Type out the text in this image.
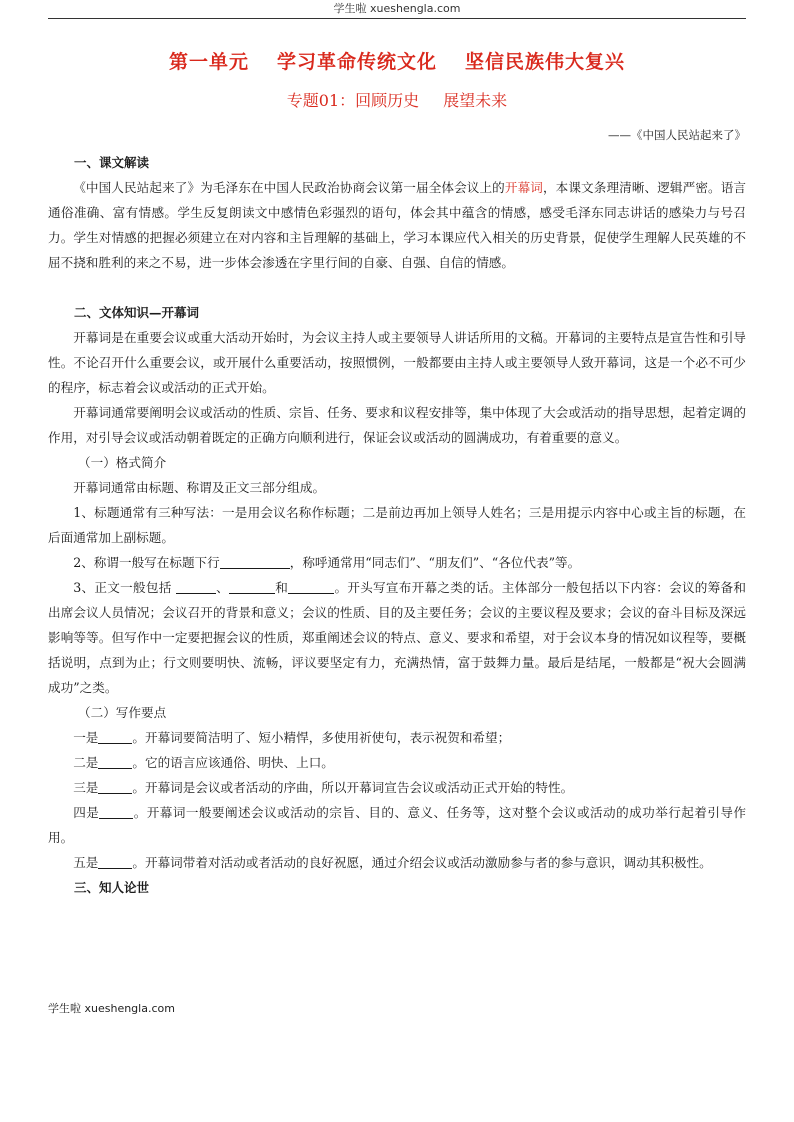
学生啦 xueshengla.com
第一单元 学习革命传统文化 坚信民族伟大复兴
专题01：回顾历史 展望未来
——《中国人民站起来了》

一、课文解读

《中国人民站起来了》为毛泽东在中国人民政治协商会议第一届全体会议上的开幕词，本课文条理清晰、逻辑严密。语言通俗准确、富有情感。学生反复朗读文中感情色彩强烈的语句，体会其中蕴含的情感，感受毛泽东同志讲话的感染力与号召力。学生对情感的把握必须建立在对内容和主旨理解的基础上，学习本课应代入相关的历史背景，促使学生理解人民英雄的不屈不挠和胜利的来之不易，进一步体会渗透在字里行间的自豪、自强、自信的情感。

二、文体知识—开幕词

开幕词是在重要会议或重大活动开始时，为会议主持人或主要领导人讲话所用的文稿。开幕词的主要特点是宣告性和引导性。不论召开什么重要会议，或开展什么重要活动，按照惯例，一般都要由主持人或主要领导人致开幕词，这是一个必不可少的程序，标志着会议或活动的正式开始。

开幕词通常要阐明会议或活动的性质、宗旨、任务、要求和议程安排等，集中体现了大会或活动的指导思想，起着定调的作用，对引导会议或活动朝着既定的正确方向顺利进行，保证会议或活动的圆满成功，有着重要的意义。

（一）格式简介

开幕词通常由标题、称谓及正文三部分组成。

1、标题通常有三种写法：一是用会议名称作标题；二是前边再加上领导人姓名；三是用提示内容中心或主旨的标题，在后面通常加上副标题。

2、称谓一般写在标题下行	，称呼通常用“同志们”、“朋友们”、“各位代表”等。

3、正文一般包括	、	和	。开头写宣布开幕之类的话。主体部分一般包括以下内容：会议的筹备和出席会议人员情况；会议召开的背景和意义；会议的性质、目的及主要任务；会议的主要议程及要求；会议的奋斗目标及深远影响等等。但写作中一定要把握会议的性质，郑重阐述会议的特点、意义、要求和希望，对于会议本身的情况如议程等，要概括说明，点到为止；行文则要明快、流畅，评议要坚定有力，充满热情，富于鼓舞力量。最后是结尾，一般都是“祝大会圆满成功”之类。

（二）写作要点

一是	。开幕词要简洁明了、短小精悍，多使用祈使句，表示祝贺和希望；

二是	。它的语言应该通俗、明快、上口。

三是	。开幕词是会议或者活动的序曲，所以开幕词宣告会议或活动正式开始的特性。

四是	。开幕词一般要阐述会议或活动的宗旨、目的、意义、任务等，这对整个会议或活动的成功举行起着引导作用。

五是	。开幕词带着对活动或者活动的良好祝愿，通过介绍会议或活动激励参与者的参与意识，调动其积极性。

三、知人论世

学生啦 xueshengla.com
